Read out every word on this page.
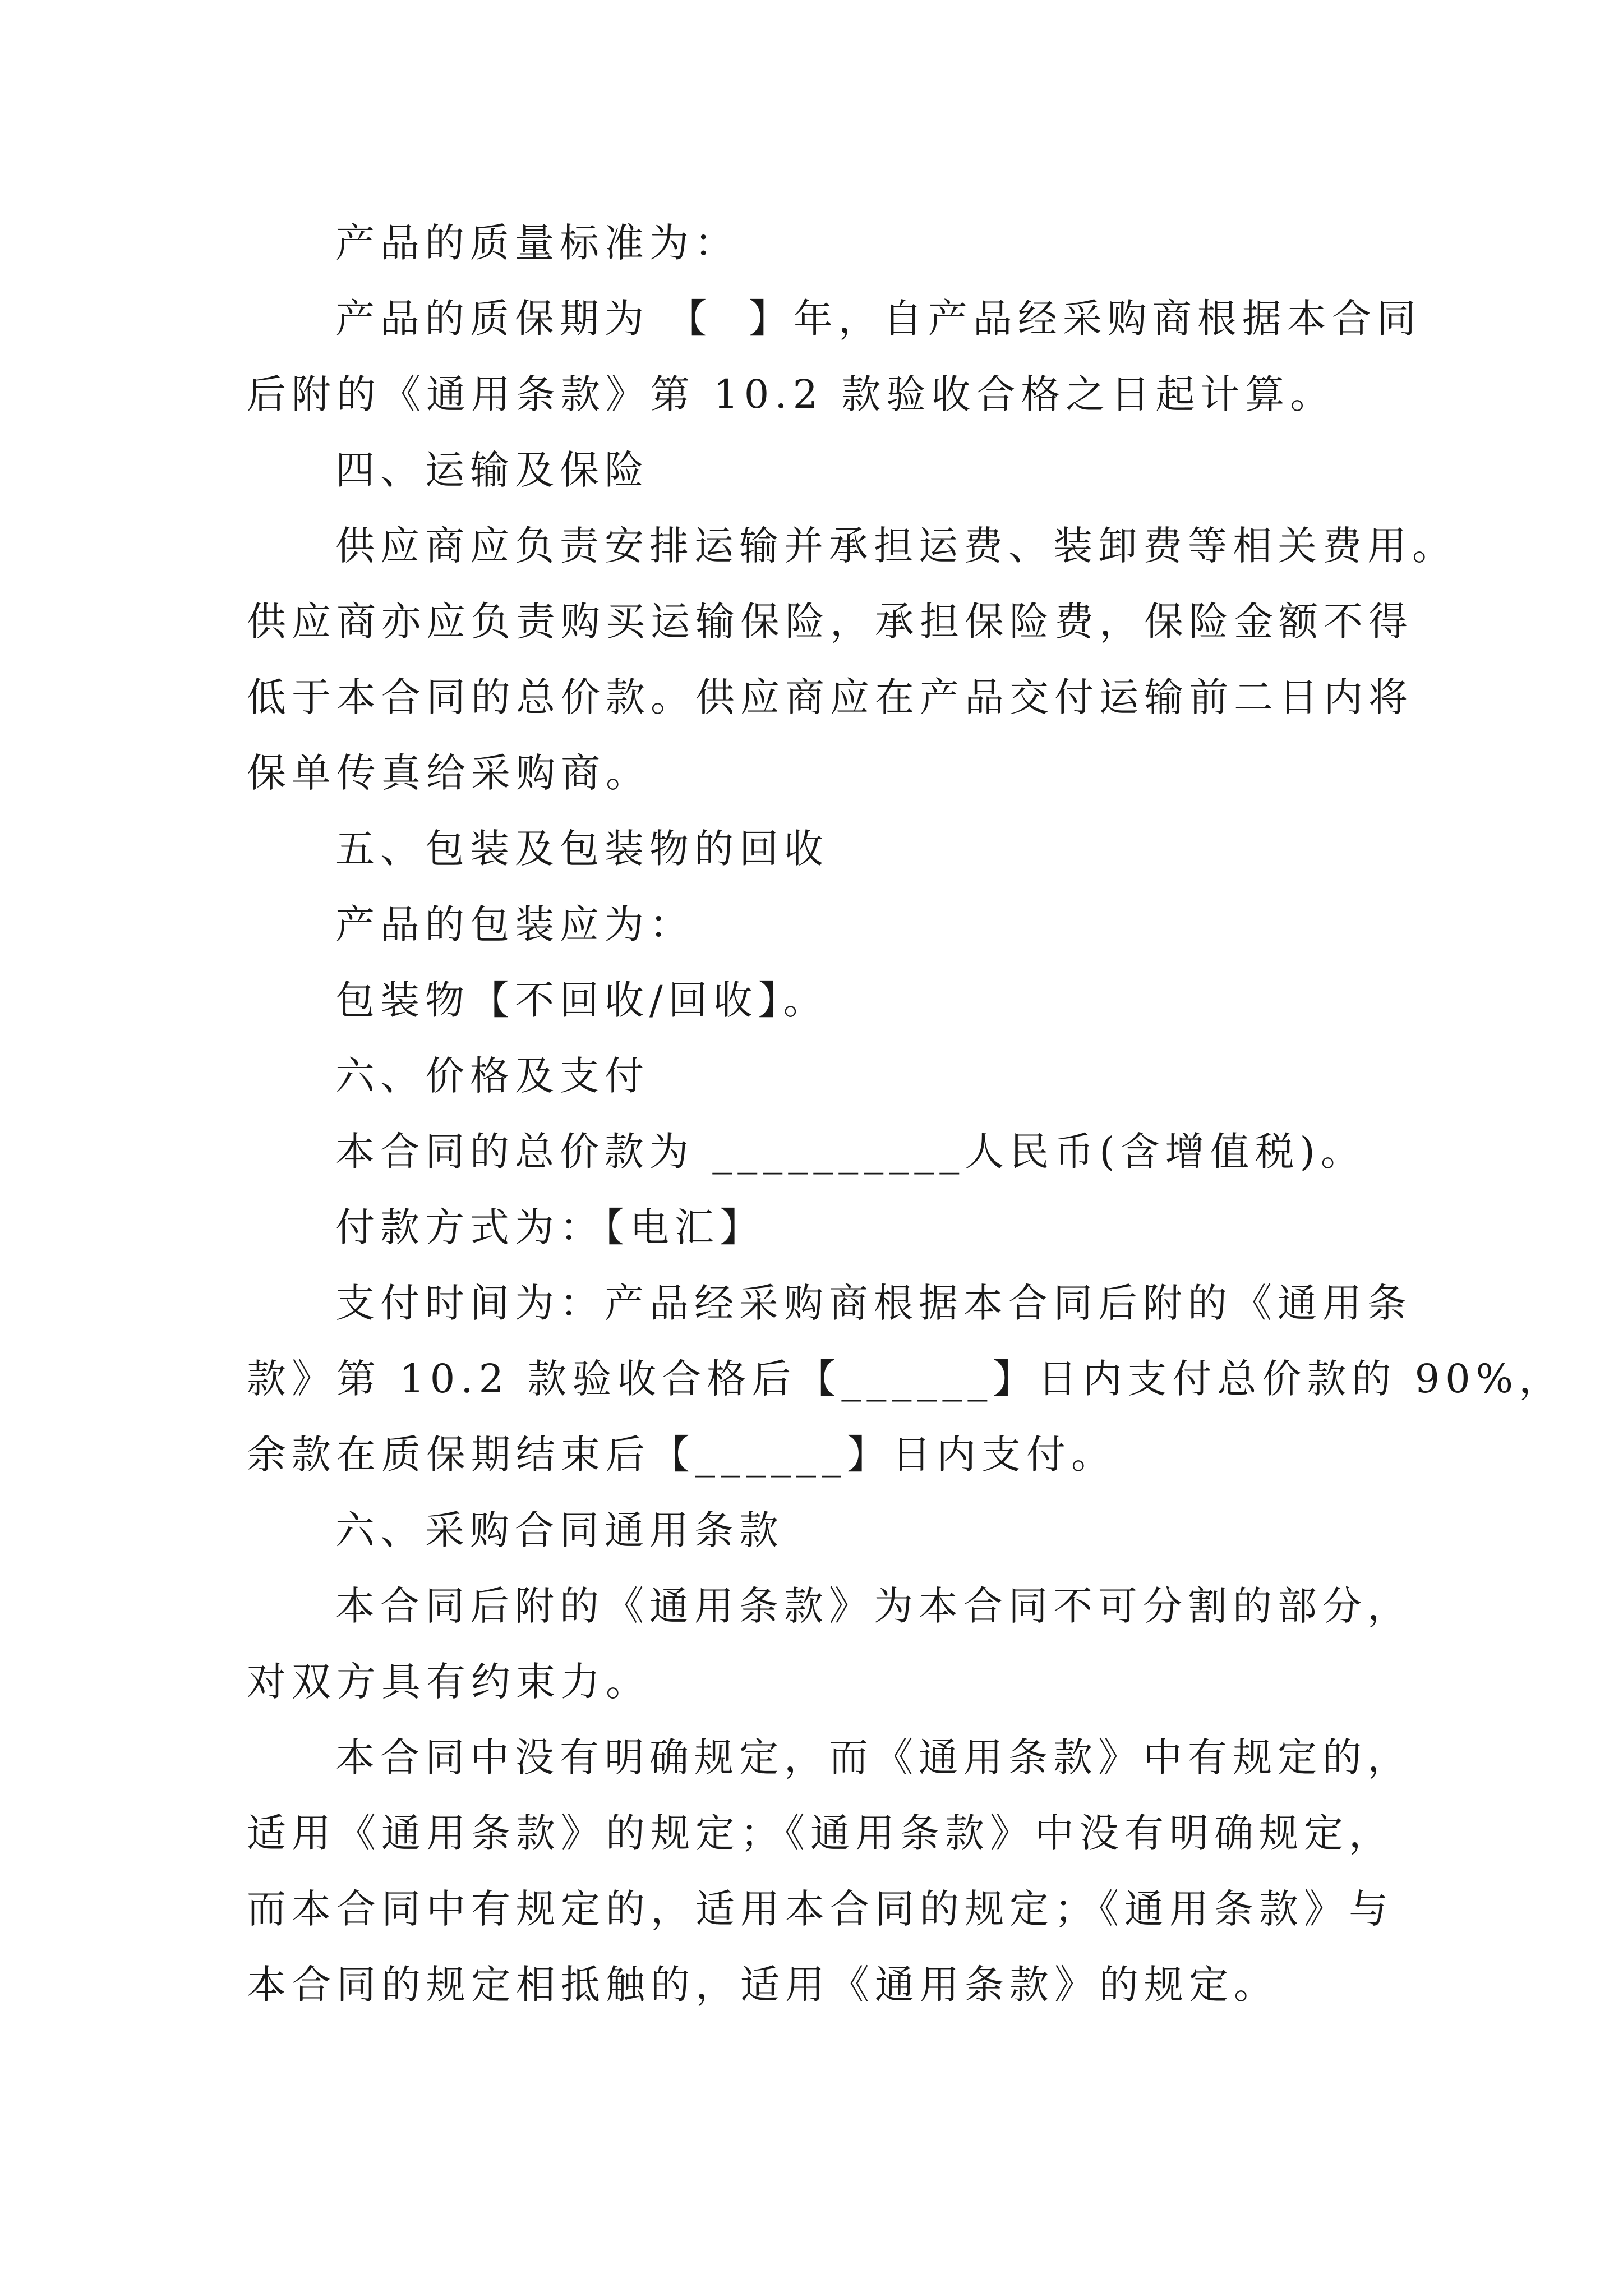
产品的质量标准为：
产品的质保期为 【  】年，自产品经采购商根据本合同
后附的《通用条款》第 10.2 款验收合格之日起计算。
四、运输及保险
供应商应负责安排运输并承担运费、装卸费等相关费用。
供应商亦应负责购买运输保险，承担保险费，保险金额不得
低于本合同的总价款。供应商应在产品交付运输前二日内将
保单传真给采购商。
五、包装及包装物的回收
产品的包装应为：
包装物【不回收/回收】。
六、价格及支付
本合同的总价款为 __________人民币(含增值税)。
付款方式为：【电汇】
支付时间为：产品经采购商根据本合同后附的《通用条
款》第 10.2 款验收合格后【______】日内支付总价款的 90%，
余款在质保期结束后【______】日内支付。
六、采购合同通用条款
本合同后附的《通用条款》为本合同不可分割的部分，
对双方具有约束力。
本合同中没有明确规定，而《通用条款》中有规定的，
适用《通用条款》的规定；《通用条款》中没有明确规定，
而本合同中有规定的，适用本合同的规定；《通用条款》与
本合同的规定相抵触的，适用《通用条款》的规定。
